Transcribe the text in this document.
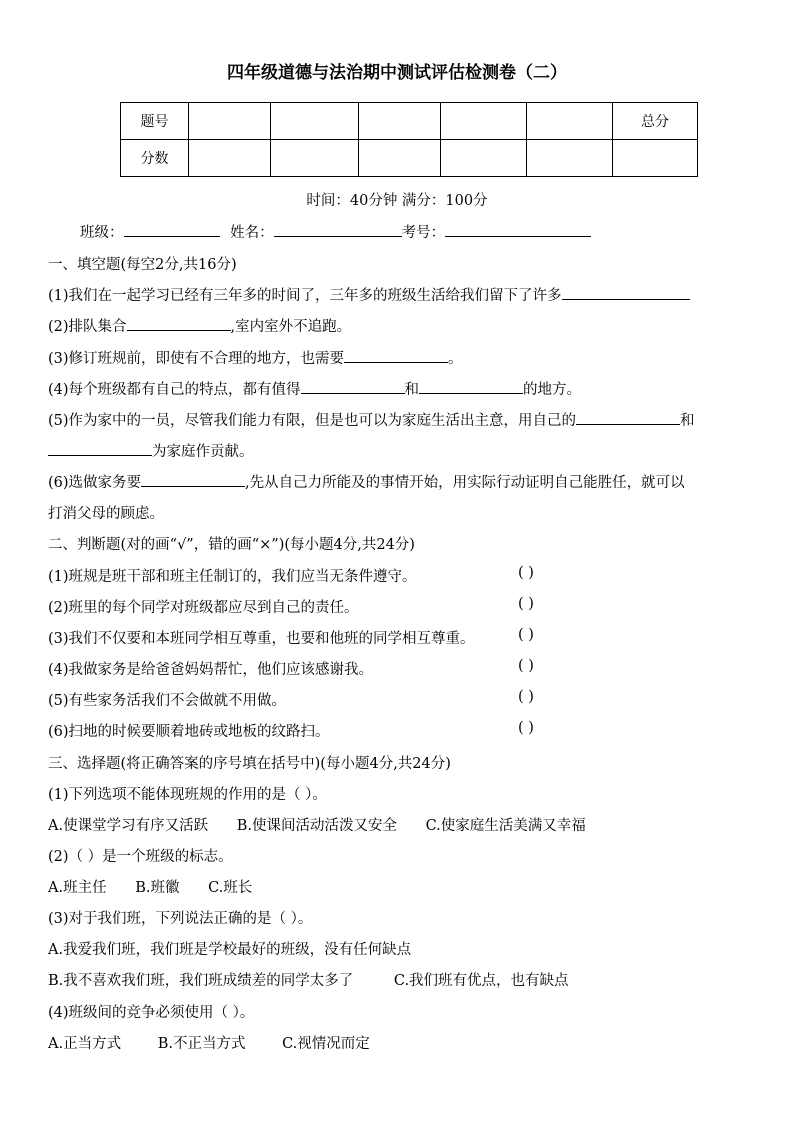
四年级道德与法治期中测试评估检测卷（二）
题号						总分
分数						
时间：40分钟 满分：100分
班级：	姓名：	考号：
一、填空题(每空2分,共16分)
(1)我们在一起学习已经有三年多的时间了，三年多的班级生活给我们留下了许多
(2)排队集合	,室内室外不追跑。
(3)修订班规前，即使有不合理的地方，也需要	。
(4)每个班级都有自己的特点，都有值得	和	的地方。
(5)作为家中的一员，尽管我们能力有限，但是也可以为家庭生活出主意，用自己的	和
为家庭作贡献。
(6)选做家务要	,先从自己力所能及的事情开始，用实际行动证明自己能胜任，就可以
打消父母的顾虑。
二、判断题(对的画“√”，错的画“×”)(每小题4分,共24分)
(1)班规是班干部和班主任制订的，我们应当无条件遵守。	( )
(2)班里的每个同学对班级都应尽到自己的责任。	( )
(3)我们不仅要和本班同学相互尊重，也要和他班的同学相互尊重。	( )
(4)我做家务是给爸爸妈妈帮忙，他们应该感谢我。	( )
(5)有些家务活我们不会做就不用做。	( )
(6)扫地的时候要顺着地砖或地板的纹路扫。	( )
三、选择题(将正确答案的序号填在括号中)(每小题4分,共24分)
(1)下列选项不能体现班规的作用的是（ ）。
A.使课堂学习有序又活跃 B.使课间活动活泼又安全 C.使家庭生活美满又幸福
(2)（ ）是一个班级的标志。
A.班主任 B.班徽 C.班长
(3)对于我们班，下列说法正确的是（ ）。
A.我爱我们班，我们班是学校最好的班级，没有任何缺点
B.我不喜欢我们班，我们班成绩差的同学太多了	C.我们班有优点，也有缺点
(4)班级间的竞争必须使用（ ）。
A.正当方式	B.不正当方式	C.视情况而定
